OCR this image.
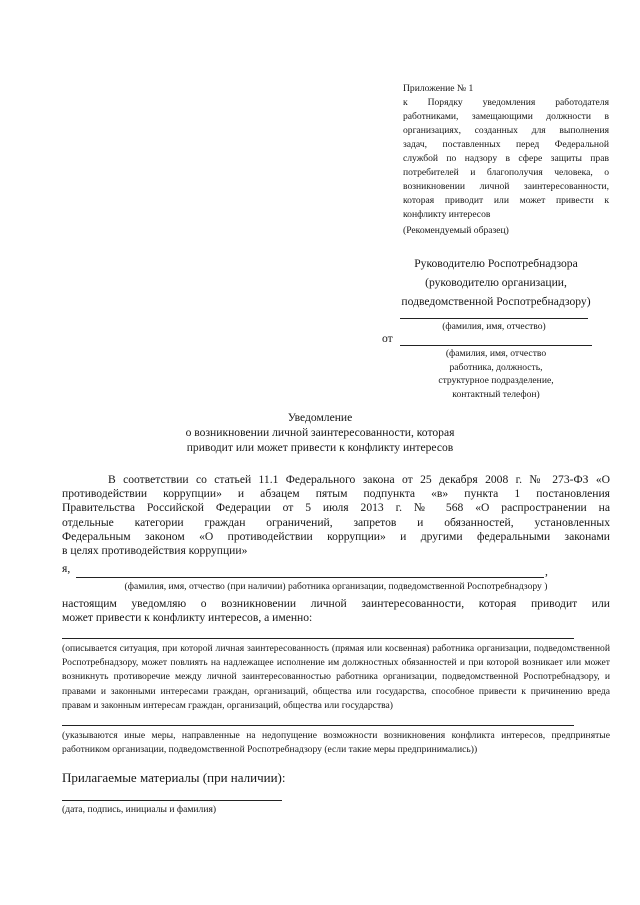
Приложение № 1

к Порядку уведомления работодателя

работниками, замещающими должности в

организациях, созданных для выполнения

задач, поставленных перед Федеральной

службой по надзору в сфере защиты прав

потребителей и благополучия человека, о

возникновении личной заинтересованности,

которая приводит или может привести к

конфликту интересов

(Рекомендуемый образец)

Руководителю Роспотребнадзора

(руководителю организации,

подведомственной Роспотребнадзору)

(фамилия, имя, отчество)
от
(фамилия, имя, отчество
работника, должность,
структурное подразделение,
контактный телефон)

Уведомление

о возникновении личной заинтересованности, которая

приводит или может привести к конфликту интересов

В соответствии со статьей 11.1 Федерального закона от 25 декабря 2008 г. № 273-ФЗ «О

противодействии коррупции» и абзацем пятым подпункта «в» пункта 1 постановления

Правительства Российской Федерации от 5 июля 2013 г. № 568 «О распространении на

отдельные категории граждан ограничений, запретов и обязанностей, установленных

Федеральным законом «О противодействии коррупции» и другими федеральными законами

в целях противодействия коррупции»

я,	,
(фамилия, имя, отчество (при наличии) работника организации, подведомственной Роспотребнадзору )

настоящим уведомляю о возникновении личной заинтересованности, которая приводит или

может привести к конфликту интересов, а именно:

(описывается ситуация, при которой личная заинтересованность (прямая или косвенная) работника организации, подведомственной Роспотребнадзору, может повлиять на надлежащее исполнение им должностных обязанностей и при которой возникает или может возникнуть противоречие между личной заинтересованностью работника организации, подведомственной Роспотребнадзору, и правами и законными интересами граждан, организаций, общества или государства, способное привести к причинению вреда правам и законным интересам граждан, организаций, общества или государства)
(указываются иные меры, направленные на недопущение возможности возникновения конфликта интересов, предпринятые работником организации, подведомственной Роспотребнадзору (если такие меры предпринимались))
Прилагаемые материалы (при наличии):
(дата, подпись, инициалы и фамилия)
